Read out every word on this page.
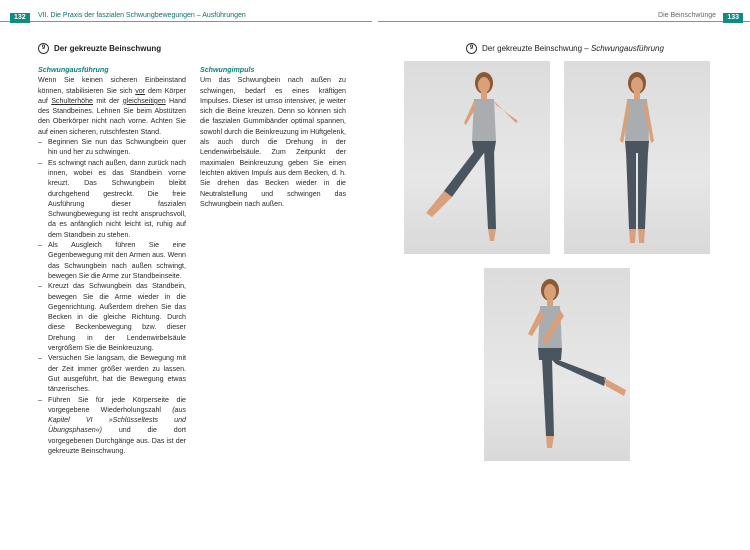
132	VII. Die Praxis der faszialen Schwungbewegungen – Ausführungen	Die Beinschwünge	133
9	Der gekreuzte Beinschwung	9	Der gekreuzte Beinschwung –
Schwungausführung
Schwungausführung

Wenn Sie keinen sicheren Einbeinstand können, stabilisieren Sie sich vor dem Körper auf Schulterhöhe mit der gleichseitigen Hand des Standbeines. Lehnen Sie beim Abstützen den Oberkörper nicht nach vorne. Achten Sie auf einen sicheren, rutschfesten Stand.

– Beginnen Sie nun das Schwungbein quer hin und her zu schwingen.
– Es schwingt nach außen, dann zurück nach innen, wobei es das Standbein vorne kreuzt. Das Schwungbein bleibt durchgehend gestreckt. Die freie Ausführung dieser faszialen Schwungbewegung ist recht anspruchsvoll, da es anfänglich nicht leicht ist, ruhig auf dem Standbein zu stehen.
– Als Ausgleich führen Sie eine Gegenbewegung mit den Armen aus. Wenn das Schwungbein nach außen schwingt, bewegen Sie die Arme zur Standbeinseite.
– Kreuzt das Schwungbein das Standbein, bewegen Sie die Arme wieder in die Gegenrichtung. Außerdem drehen Sie das Becken in die gleiche Richtung. Durch diese Beckenbewegung bzw. dieser Drehung in der Lendenwirbelsäule vergrößern Sie die Beinkreuzung.
– Versuchen Sie langsam, die Bewegung mit der Zeit immer größer werden zu lassen. Gut ausgeführt, hat die Bewegung etwas tänzerisches.
– Führen Sie für jede Körperseite die vorgegebene Wiederholungszahl (aus Kapitel VI »Schlüsseltests und Übungsphasen«) und die dort vorgegebenen Durchgänge aus. Das ist der gekreuzte Beinschwung.
Schwungimpuls

Um das Schwungbein nach außen zu schwingen, bedarf es eines kräftigen Impulses. Dieser ist umso intensiver, je weiter sich die Beine kreuzen. Denn so können sich die faszialen Gummibänder optimal spannen, sowohl durch die Beinkreuzung im Hüftgelenk, als auch durch die Drehung in der Lendenwirbelsäule. Zum Zeitpunkt der maximalen Beinkreuzung geben Sie einen leichten aktiven Impuls aus dem Becken, d. h. Sie drehen das Becken wieder in die Neutralstellung und schwingen das Schwungbein nach außen.
